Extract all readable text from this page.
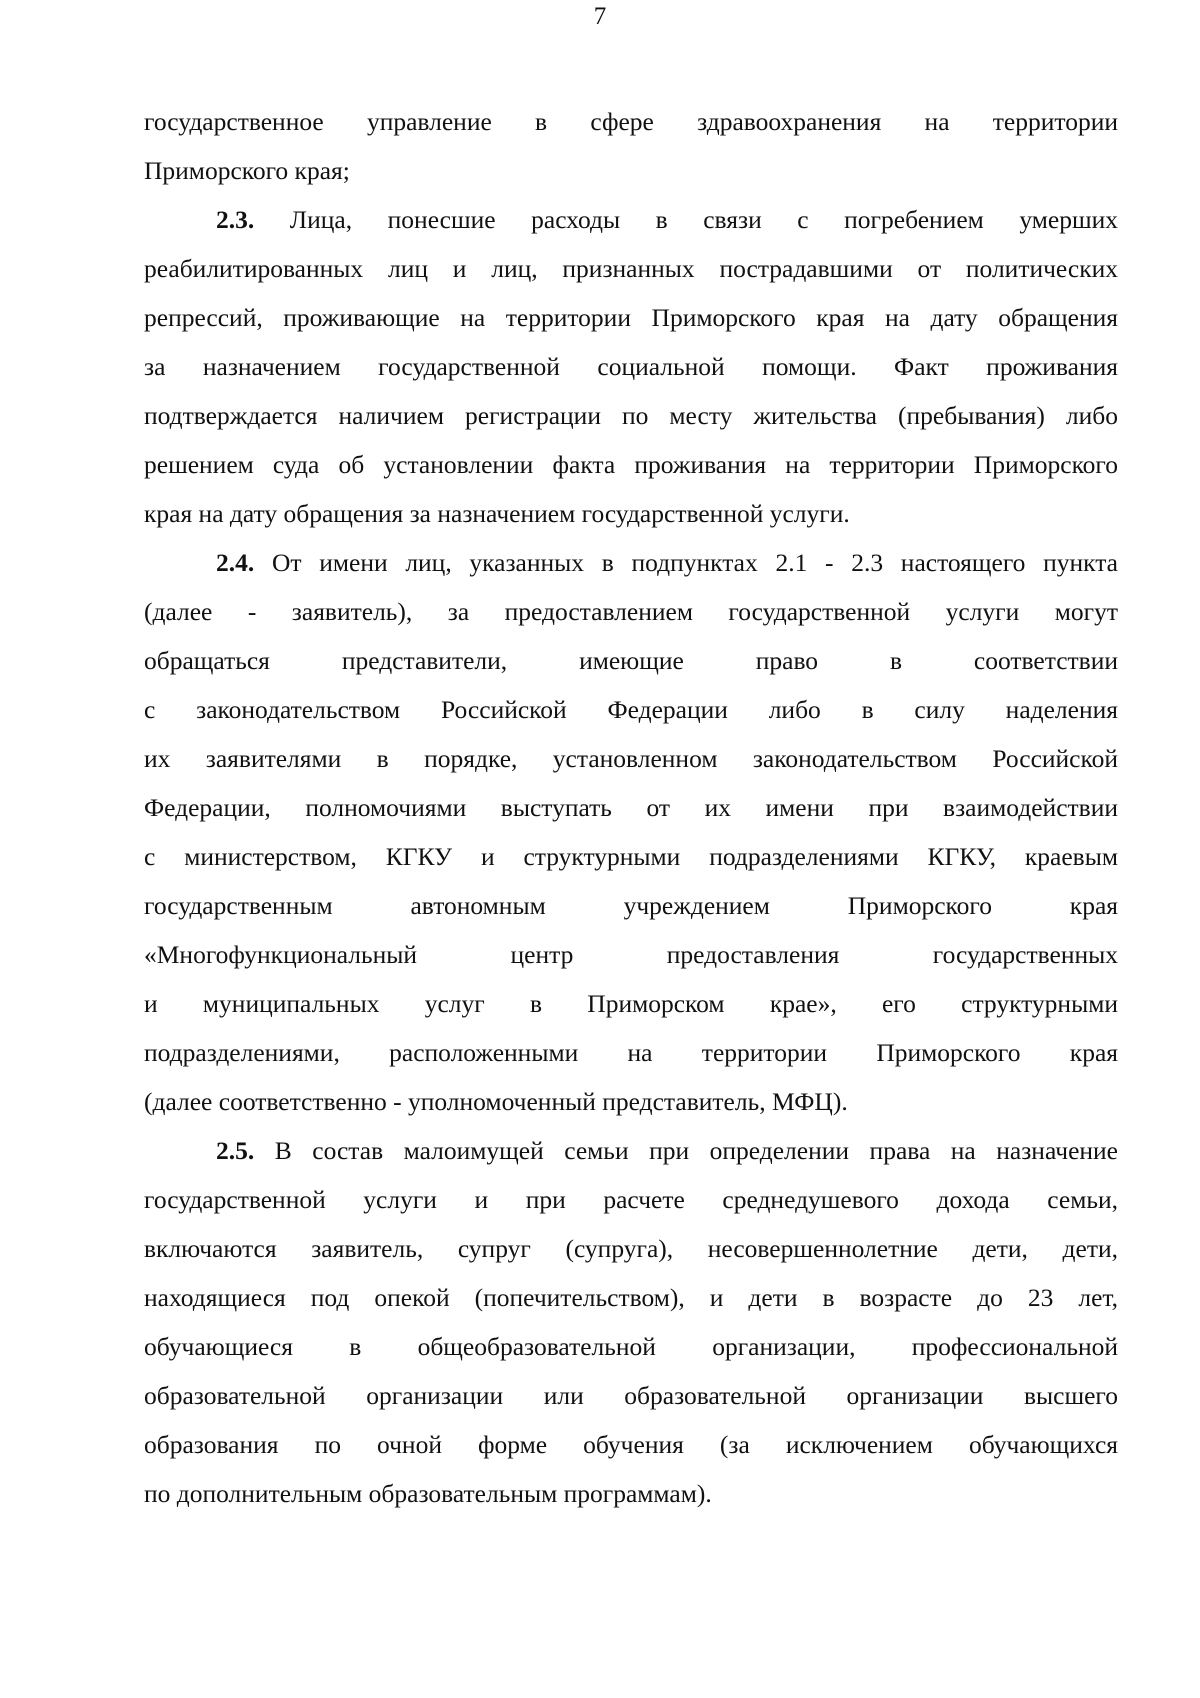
7
государственное управление в сфере здравоохранения на территории
Приморского края;
2.3. Лица, понесшие расходы в связи с погребением умерших
реабилитированных лиц и лиц, признанных пострадавшими от политических
репрессий, проживающие на территории Приморского края на дату обращения
за назначением государственной социальной помощи. Факт проживания
подтверждается наличием регистрации по месту жительства (пребывания) либо
решением суда об установлении факта проживания на территории Приморского
края на дату обращения за назначением государственной услуги.
2.4. От имени лиц, указанных в подпунктах 2.1 - 2.3 настоящего пункта
(далее - заявитель), за предоставлением государственной услуги могут
обращаться представители, имеющие право в соответствии
с законодательством Российской Федерации либо в силу наделения
их заявителями в порядке, установленном законодательством Российской
Федерации, полномочиями выступать от их имени при взаимодействии
с министерством, КГКУ и структурными подразделениями КГКУ, краевым
государственным автономным учреждением Приморского края
«Многофункциональный центр предоставления государственных
и муниципальных услуг в Приморском крае», его структурными
подразделениями, расположенными на территории Приморского края
(далее соответственно - уполномоченный представитель, МФЦ).
2.5. В состав малоимущей семьи при определении права на назначение
государственной услуги и при расчете среднедушевого дохода семьи,
включаются заявитель, супруг (супруга), несовершеннолетние дети, дети,
находящиеся под опекой (попечительством), и дети в возрасте до 23 лет,
обучающиеся в общеобразовательной организации, профессиональной
образовательной организации или образовательной организации высшего
образования по очной форме обучения (за исключением обучающихся
по дополнительным образовательным программам).
